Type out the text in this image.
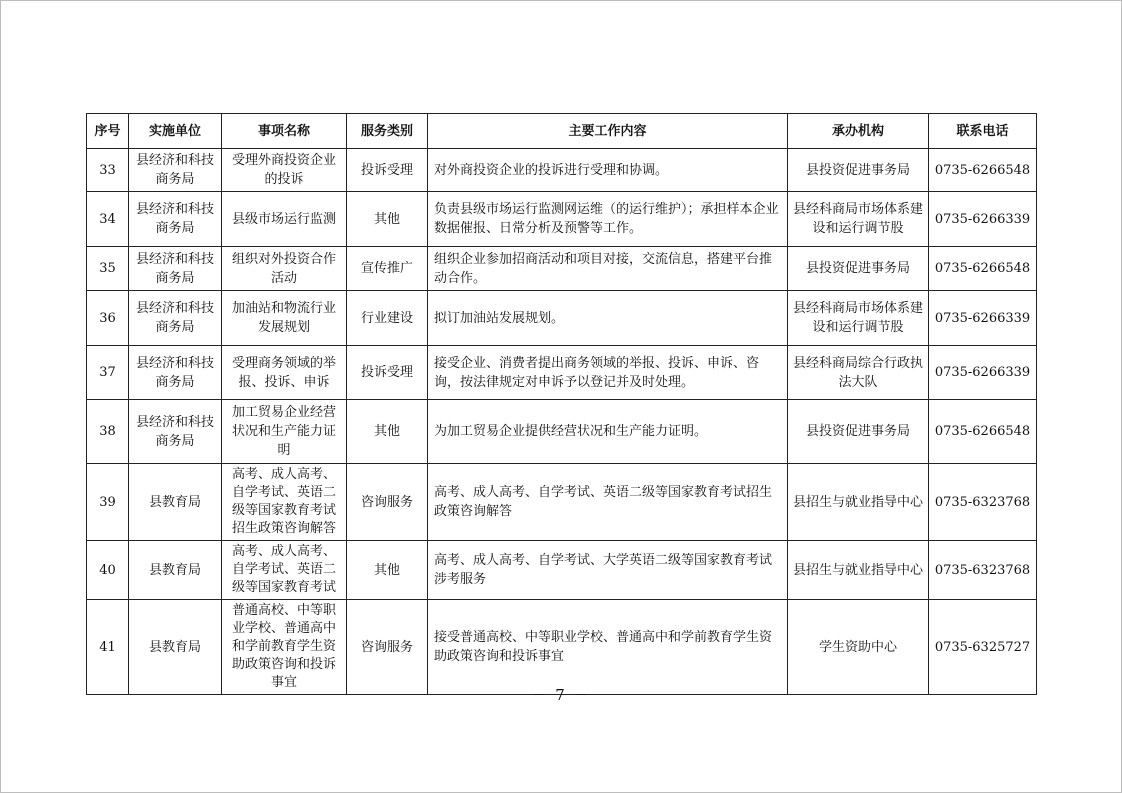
序号	实施单位	事项名称	服务类别	主要工作内容	承办机构	联系电话
33	县经济和科技商务局	受理外商投资企业的投诉	投诉受理	对外商投资企业的投诉进行受理和协调。	县投资促进事务局	0735-6266548
34	县经济和科技商务局	县级市场运行监测	其他	负责县级市场运行监测网运维（的运行维护）；承担样本企业数据催报、日常分析及预警等工作。	县经科商局市场体系建设和运行调节股	0735-6266339
35	县经济和科技商务局	组织对外投资合作活动	宣传推广	组织企业参加招商活动和项目对接，交流信息，搭建平台推动合作。	县投资促进事务局	0735-6266548
36	县经济和科技商务局	加油站和物流行业发展规划	行业建设	拟订加油站发展规划。	县经科商局市场体系建设和运行调节股	0735-6266339
37	县经济和科技商务局	受理商务领域的举报、投诉、申诉	投诉受理	接受企业、消费者提出商务领域的举报、投诉、申诉、咨询，按法律规定对申诉予以登记并及时处理。	县经科商局综合行政执法大队	0735-6266339
38	县经济和科技商务局	加工贸易企业经营状况和生产能力证明	其他	为加工贸易企业提供经营状况和生产能力证明。	县投资促进事务局	0735-6266548
39	县教育局	高考、成人高考、自学考试、英语二级等国家教育考试招生政策咨询解答	咨询服务	高考、成人高考、自学考试、英语二级等国家教育考试招生政策咨询解答	县招生与就业指导中心	0735-6323768
40	县教育局	高考、成人高考、自学考试、英语二级等国家教育考试	其他	高考、成人高考、自学考试、大学英语二级等国家教育考试涉考服务	县招生与就业指导中心	0735-6323768
41	县教育局	普通高校、中等职业学校、普通高中和学前教育学生资助政策咨询和投诉事宜	咨询服务	接受普通高校、中等职业学校、普通高中和学前教育学生资助政策咨询和投诉事宜	学生资助中心	0735-6325727
－ 7 －
